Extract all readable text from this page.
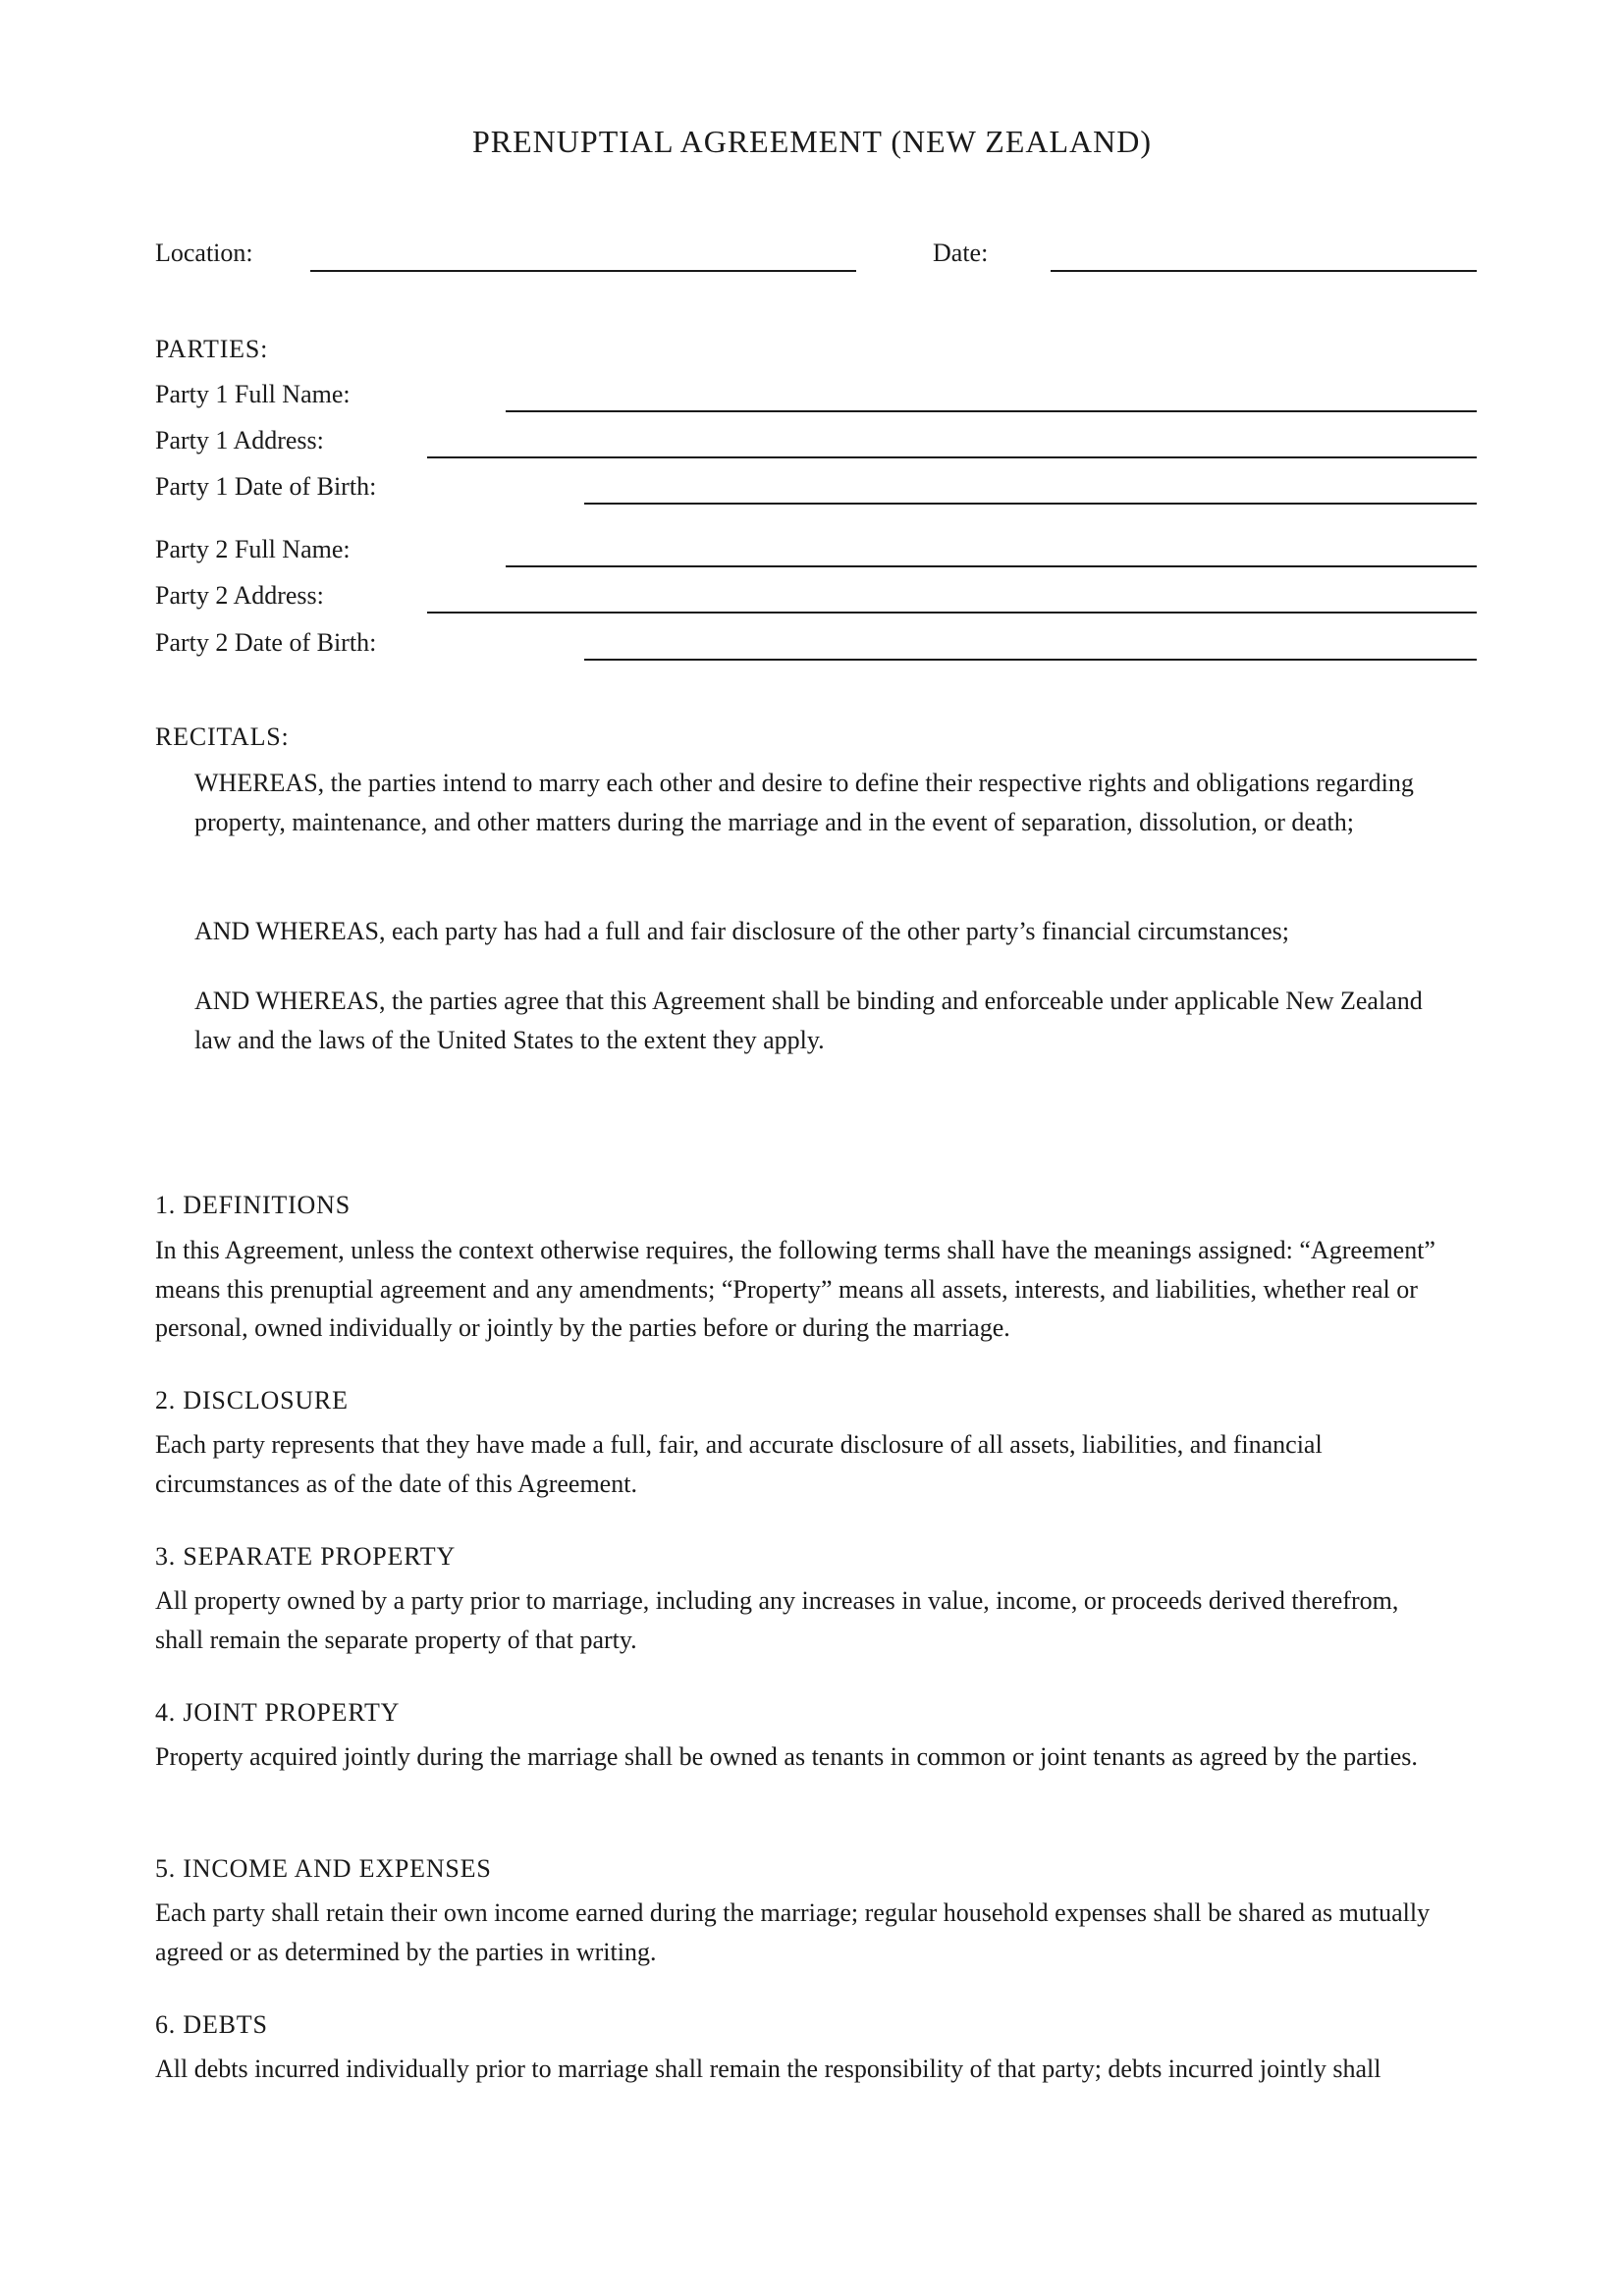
PRENUPTIAL AGREEMENT (NEW ZEALAND)
Location:	Date:
PARTIES:
Party 1 Full Name:
Party 1 Address:
Party 1 Date of Birth:
Party 2 Full Name:
Party 2 Address:
Party 2 Date of Birth:
RECITALS:
WHEREAS, the parties intend to marry each other and desire to define their respective rights and obligations regarding property, maintenance, and other matters during the marriage and in the event of separation, dissolution, or death;
AND WHEREAS, each party has had a full and fair disclosure of the other party’s financial circumstances;
AND WHEREAS, the parties agree that this Agreement shall be binding and enforceable under applicable New Zealand law and the laws of the United States to the extent they apply.
1. DEFINITIONS
In this Agreement, unless the context otherwise requires, the following terms shall have the meanings assigned: “Agreement” means this prenuptial agreement and any amendments; “Property” means all assets, interests, and liabilities, whether real or personal, owned individually or jointly by the parties before or during the marriage.
2. DISCLOSURE
Each party represents that they have made a full, fair, and accurate disclosure of all assets, liabilities, and financial circumstances as of the date of this Agreement.
3. SEPARATE PROPERTY
All property owned by a party prior to marriage, including any increases in value, income, or proceeds derived therefrom, shall remain the separate property of that party.
4. JOINT PROPERTY
Property acquired jointly during the marriage shall be owned as tenants in common or joint tenants as agreed by the parties.
5. INCOME AND EXPENSES
Each party shall retain their own income earned during the marriage; regular household expenses shall be shared as mutually agreed or as determined by the parties in writing.
6. DEBTS
All debts incurred individually prior to marriage shall remain the responsibility of that party; debts incurred jointly shall
